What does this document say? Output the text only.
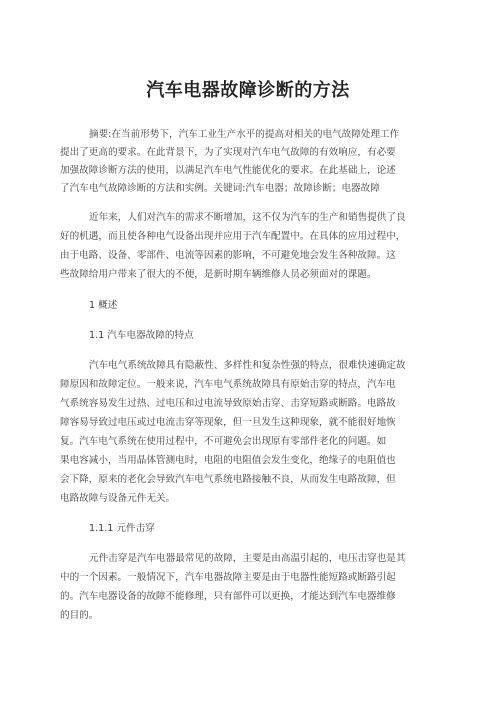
汽车电器故障诊断的方法
摘要:在当前形势下，汽车工业生产水平的提高对相关的电气故障处理工作
提出了更高的要求。在此背景下，为了实现对汽车电气故障的有效响应，有必要
加强故障诊断方法的使用，以满足汽车电气性能优化的要求。在此基础上，论述
了汽车电气故障诊断的方法和实例。关键词:汽车电器；故障诊断；电器故障
近年来，人们对汽车的需求不断增加，这不仅为汽车的生产和销售提供了良
好的机遇，而且使各种电气设备出现并应用于汽车配置中。在具体的应用过程中，
由于电路、设备、零部件、电流等因素的影响，不可避免地会发生各种故障。这
些故障给用户带来了很大的不便，是新时期车辆维修人员必须面对的课题。
1 概述
1.1 汽车电器故障的特点
汽车电气系统故障具有隐蔽性、多样性和复杂性强的特点，很难快速确定故
障原因和故障定位。一般来说，汽车电气系统故障具有原始击穿的特点，汽车电
气系统容易发生过热、过电压和过电流导致原始击穿、击穿短路或断路。电路故
障容易导致过电压或过电流击穿等现象，但一旦发生这种现象，就不能很好地恢
复。汽车电气系统在使用过程中，不可避免会出现原有零部件老化的问题。如
果电容减小，当用晶体管测电时，电阻的电阻值会发生变化，绝缘子的电阻值也
会下降，原来的老化会导致汽车电气系统电路接触不良，从而发生电路故障，但
电路故障与设备元件无关。
1.1.1 元件击穿
元件击穿是汽车电器最常见的故障，主要是由高温引起的，电压击穿也是其
中的一个因素。一般情况下，汽车电器故障主要是由于电器性能短路或断路引起
的。汽车电器设备的故障不能修理，只有部件可以更换，才能达到汽车电器维修
的目的。
